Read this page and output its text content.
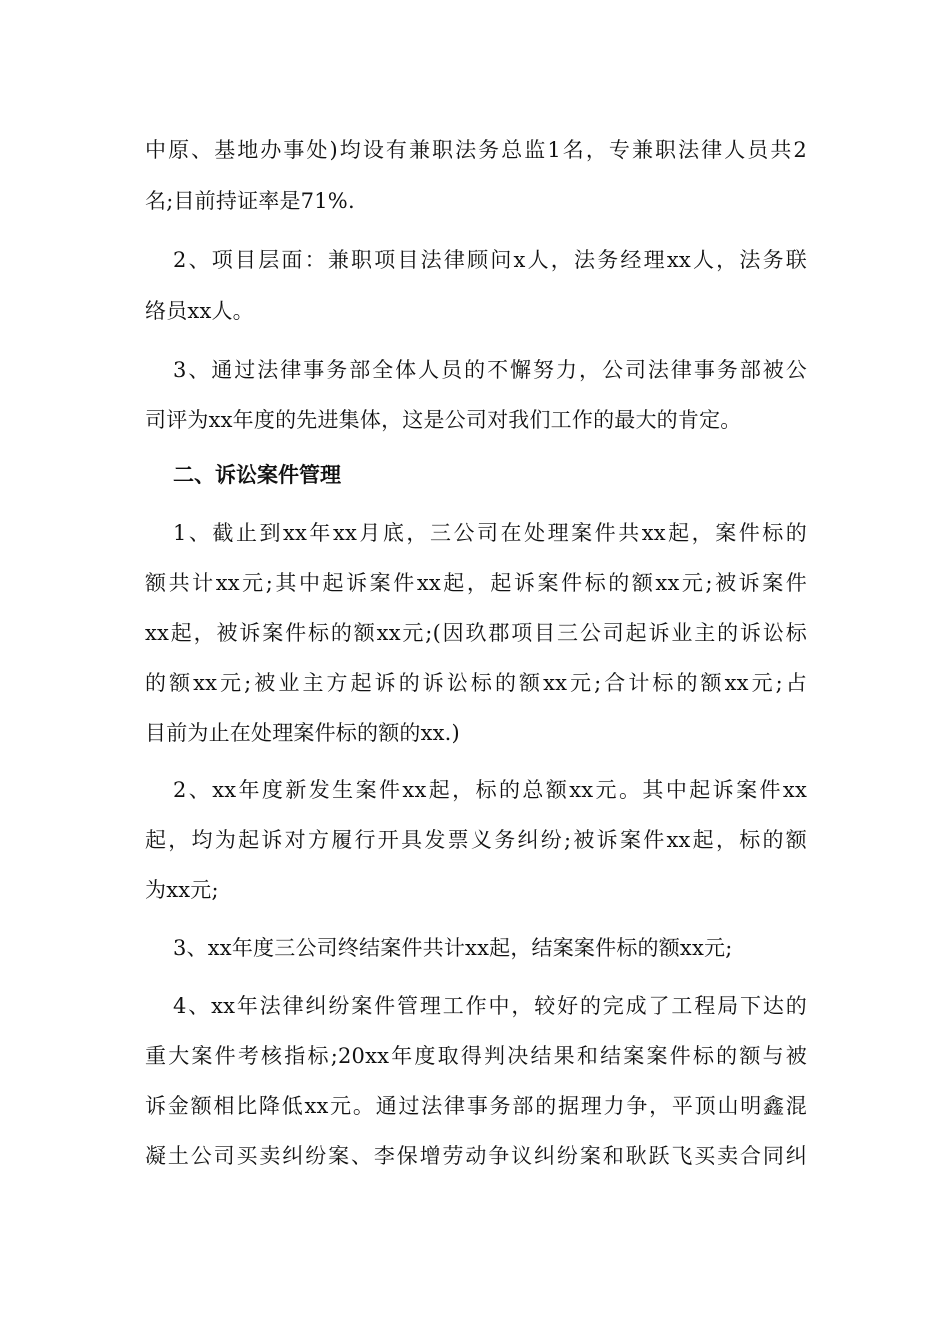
中原、基地办事处)均设有兼职法务总监1名，专兼职法律人员共2
名;目前持证率是71%.
2、项目层面：兼职项目法律顾问x人，法务经理xx人，法务联
络员xx人。
3、通过法律事务部全体人员的不懈努力，公司法律事务部被公
司评为xx年度的先进集体，这是公司对我们工作的最大的肯定。
二、诉讼案件管理
1、截止到xx年xx月底，三公司在处理案件共xx起，案件标的
额共计xx元;其中起诉案件xx起，起诉案件标的额xx元;被诉案件
xx起，被诉案件标的额xx元;(因玖郡项目三公司起诉业主的诉讼标
的额xx元;被业主方起诉的诉讼标的额xx元;合计标的额xx元;占
目前为止在处理案件标的额的xx.)
2、xx年度新发生案件xx起，标的总额xx元。其中起诉案件xx
起，均为起诉对方履行开具发票义务纠纷;被诉案件xx起，标的额
为xx元;
3、xx年度三公司终结案件共计xx起，结案案件标的额xx元;
4、xx年法律纠纷案件管理工作中，较好的完成了工程局下达的
重大案件考核指标;20xx年度取得判决结果和结案案件标的额与被
诉金额相比降低xx元。通过法律事务部的据理力争，平顶山明鑫混
凝土公司买卖纠纷案、李保增劳动争议纠纷案和耿跃飞买卖合同纠
